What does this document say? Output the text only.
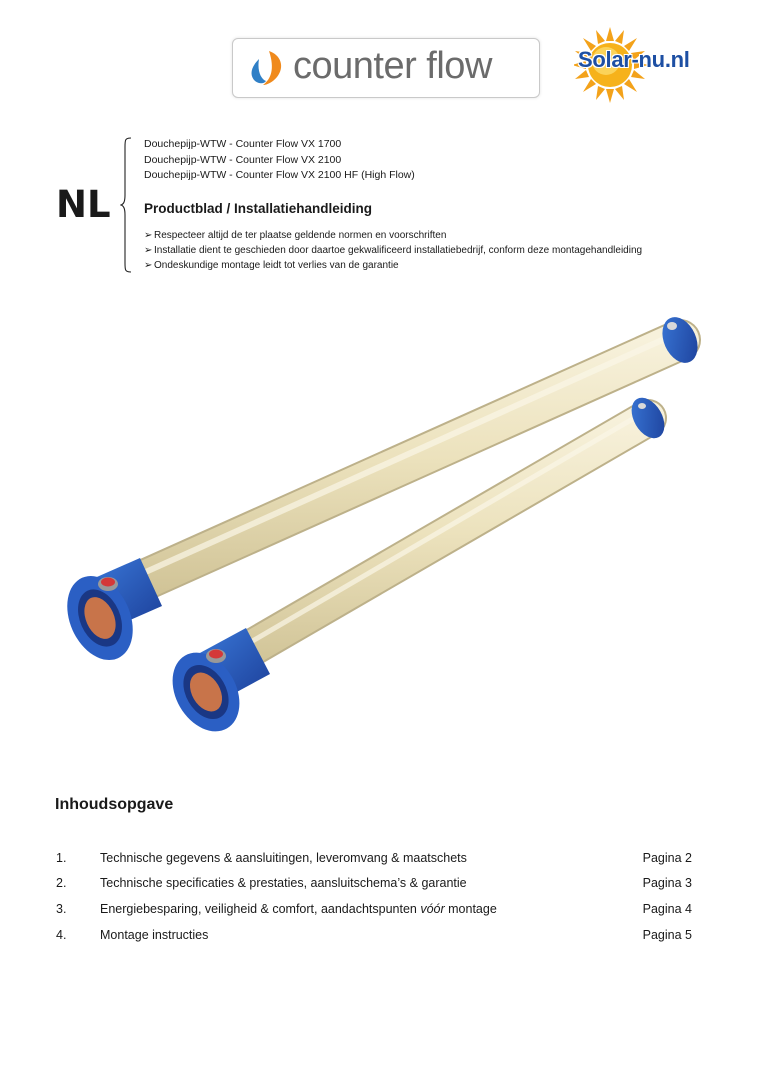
counter flow	Solar-nu.nl
NL
Douchepijp-WTW - Counter Flow VX 1700
Douchepijp-WTW - Counter Flow VX 2100
Douchepijp-WTW - Counter Flow VX 2100 HF (High Flow)
Productblad / Installatiehandleiding
➢ Respecteer altijd de ter plaatse geldende normen en voorschriften
➢ Installatie dient te geschieden door daartoe gekwalificeerd installatiebedrijf, conform deze montagehandleiding
➢ Ondeskundige montage leidt tot verlies van de garantie
Inhoudsopgave
1.	Technische gegevens & aansluitingen, leveromvang & maatschets	Pagina 2
2.	Technische specificaties & prestaties, aansluitschema’s & garantie	Pagina 3
3.	Energiebesparing, veiligheid & comfort, aandachtspunten vóór montage	Pagina 4
4.	Montage instructies	Pagina 5
